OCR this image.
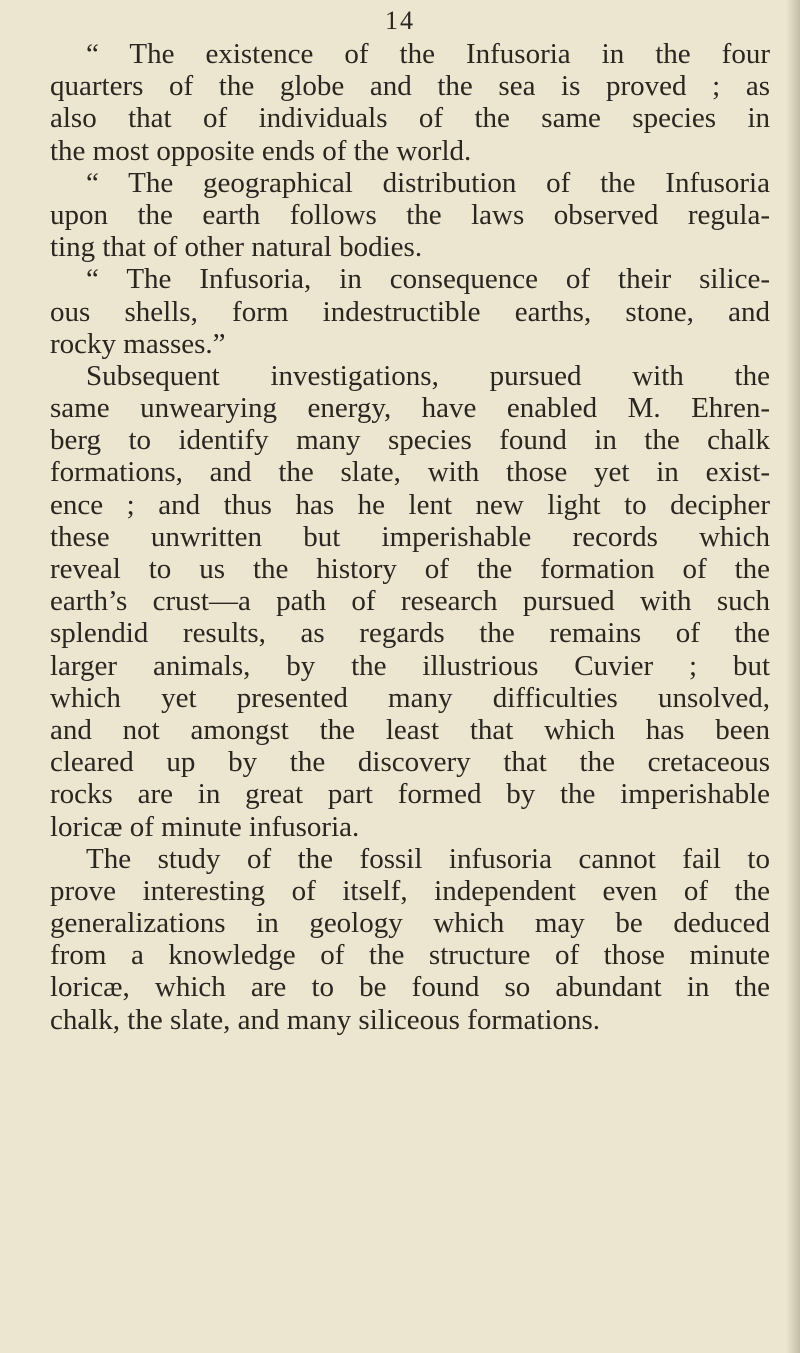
14
“ The existence of the Infusoria in the four
quarters of the globe and the sea is proved ; as
also that of individuals of the same species in
the most opposite ends of the world.
“ The geographical distribution of the Infusoria
upon the earth follows the laws observed regula-
ting that of other natural bodies.
“ The Infusoria, in consequence of their silice-
ous shells, form indestructible earths, stone, and
rocky masses.”
Subsequent investigations, pursued with the
same unwearying energy, have enabled M. Ehren-
berg to identify many species found in the chalk
formations, and the slate, with those yet in exist-
ence ; and thus has he lent new light to decipher
these unwritten but imperishable records which
reveal to us the history of the formation of the
earth’s crust—a path of research pursued with such
splendid results, as regards the remains of the
larger animals, by the illustrious Cuvier ; but
which yet presented many difficulties unsolved,
and not amongst the least that which has been
cleared up by the discovery that the cretaceous
rocks are in great part formed by the imperishable
loricæ of minute infusoria.
The study of the fossil infusoria cannot fail to
prove interesting of itself, independent even of the
generalizations in geology which may be deduced
from a knowledge of the structure of those minute
loricæ, which are to be found so abundant in the
chalk, the slate, and many siliceous formations.
